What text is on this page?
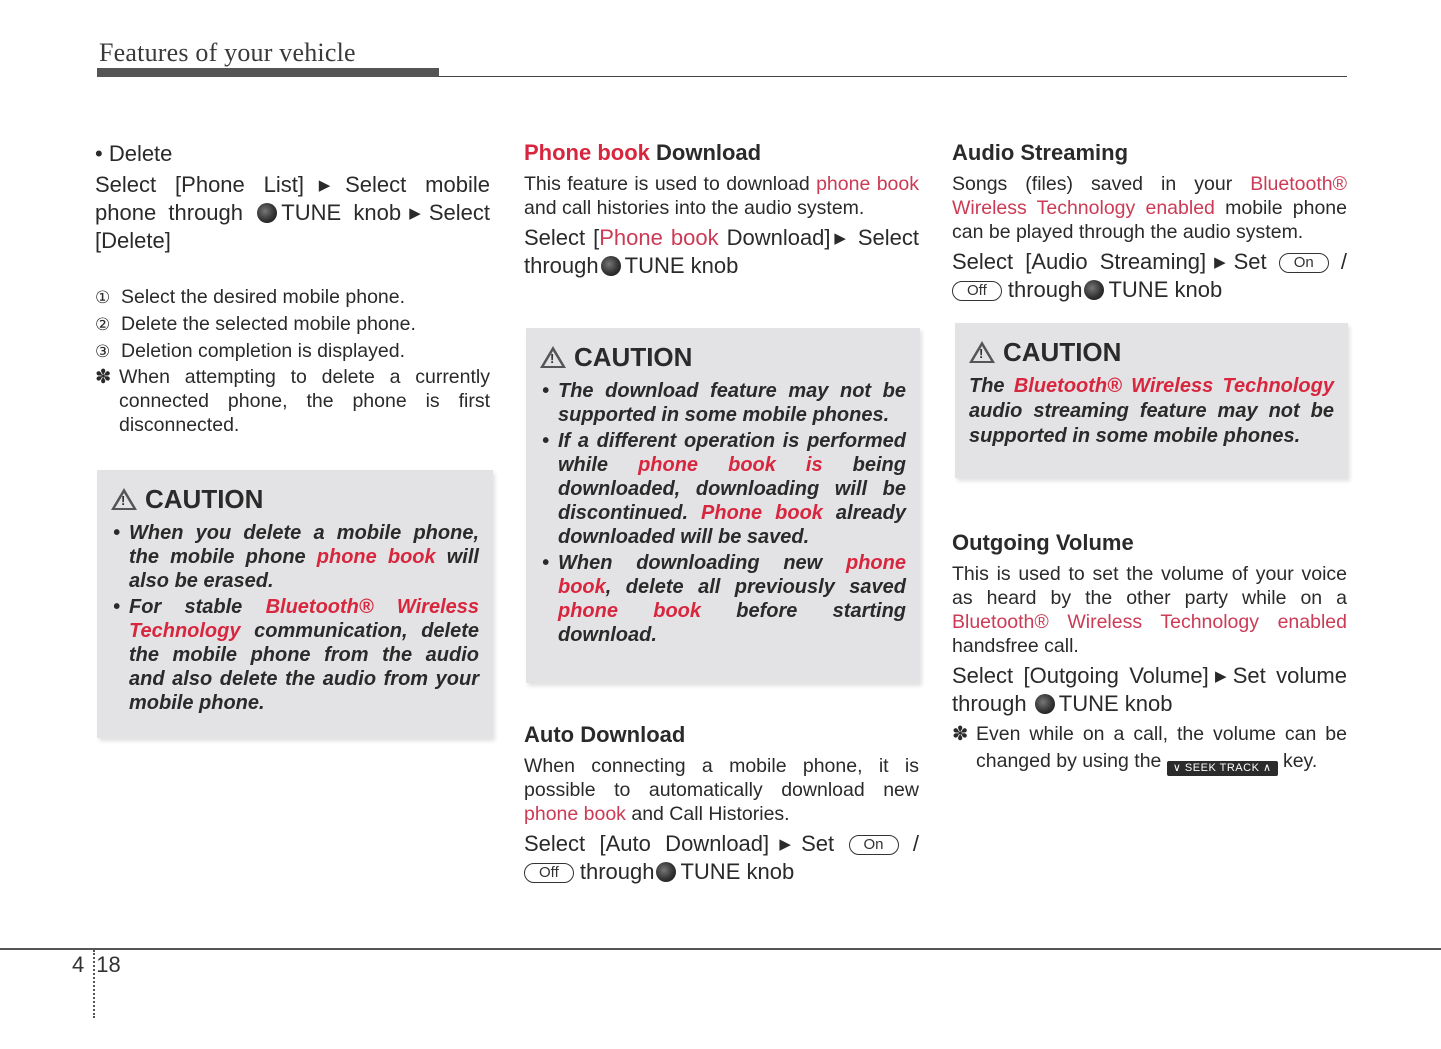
Features of your vehicle

• Delete

Select [Phone List] ▶Select mobile phone through TUNE knob ▶Select [Delete]

① Select the desired mobile phone.
② Delete the selected mobile phone.
③ Deletion completion is displayed.
✽ When attempting to delete a currently connected phone, the phone is first disconnected.
!CAUTION
• When you delete a mobile phone, the mobile phone phone book will also be erased.
• For stable Bluetooth® Wireless Technology communication, delete the mobile phone from the audio and also delete the audio from your mobile phone.

Phone book Download

This feature is used to download phone book and call histories into the audio system.

Select [Phone book Download] ▶ Select through TUNE knob

!CAUTION
• The download feature may not be supported in some mobile phones.
• If a different operation is performed while phone book is being downloaded, downloading will be discontinued. Phone book already downloaded will be saved.
• When downloading new phone book, delete all previously saved phone book before starting download.

Auto Download

When connecting a mobile phone, it is possible to automatically download new phone book and Call Histories.

Select [Auto Download] ▶Set On / Off through TUNE knob

Audio Streaming

Songs (files) saved in your Bluetooth® Wireless Technology enabled mobile phone can be played through the audio system.

Select [Audio Streaming] ▶Set On / Off through TUNE knob

!CAUTION

The Bluetooth® Wireless Technology audio streaming feature may not be supported in some mobile phones.

Outgoing Volume

This is used to set the volume of your voice as heard by the other party while on a Bluetooth® Wireless Technology enabled handsfree call.

Select [Outgoing Volume] ▶Set volume through TUNE knob

✽ Even while on a call, the volume can be changed by using the ∨ SEEK TRACK ∧ key.
4 18
